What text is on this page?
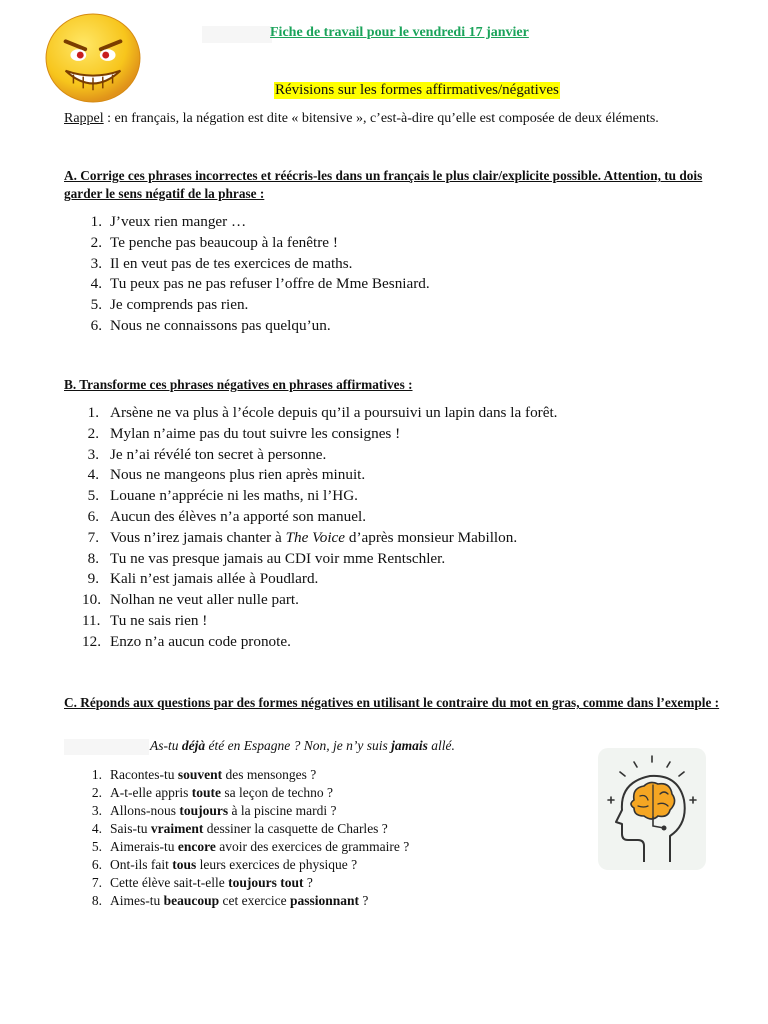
Fiche de travail pour le vendredi 17 janvier
Révisions sur les formes affirmatives/négatives
Rappel : en français, la négation est dite « bitensive », c’est-à-dire qu’elle est composée de deux éléments.
A. Corrige ces phrases incorrectes et réécris-les dans un français le plus clair/explicite possible. Attention, tu dois garder le sens négatif de la phrase :
1. J’veux rien manger …
2. Te penche pas beaucoup à la fenêtre !
3. Il en veut pas de tes exercices de maths.
4. Tu peux pas ne pas refuser l’offre de Mme Besniard.
5. Je comprends pas rien.
6. Nous ne connaissons pas quelqu’un.
B. Transforme ces phrases négatives en phrases affirmatives :
1. Arsène ne va plus à l’école depuis qu’il a poursuivi un lapin dans la forêt.
2. Mylan n’aime pas du tout suivre les consignes !
3. Je n’ai révélé ton secret à personne.
4. Nous ne mangeons plus rien après minuit.
5. Louane n’apprécie ni les maths, ni l’HG.
6. Aucun des élèves n’a apporté son manuel.
7. Vous n’irez jamais chanter à The Voice d’après monsieur Mabillon.
8. Tu ne vas presque jamais au CDI voir mme Rentschler.
9. Kali n’est jamais allée à Poudlard.
10. Nolhan ne veut aller nulle part.
11. Tu ne sais rien !
12. Enzo n’a aucun code pronote.
C. Réponds aux questions par des formes négatives en utilisant le contraire du mot en gras, comme dans l’exemple :
As-tu déjà été en Espagne ? Non, je n’y suis jamais allé.
1. Racontes-tu souvent des mensonges ?
2. A-t-elle appris toute sa leçon de techno ?
3. Allons-nous toujours à la piscine mardi ?
4. Sais-tu vraiment dessiner la casquette de Charles ?
5. Aimerais-tu encore avoir des exercices de grammaire ?
6. Ont-ils fait tous leurs exercices de physique ?
7. Cette élève sait-t-elle toujours tout ?
8. Aimes-tu beaucoup cet exercice passionnant ?
